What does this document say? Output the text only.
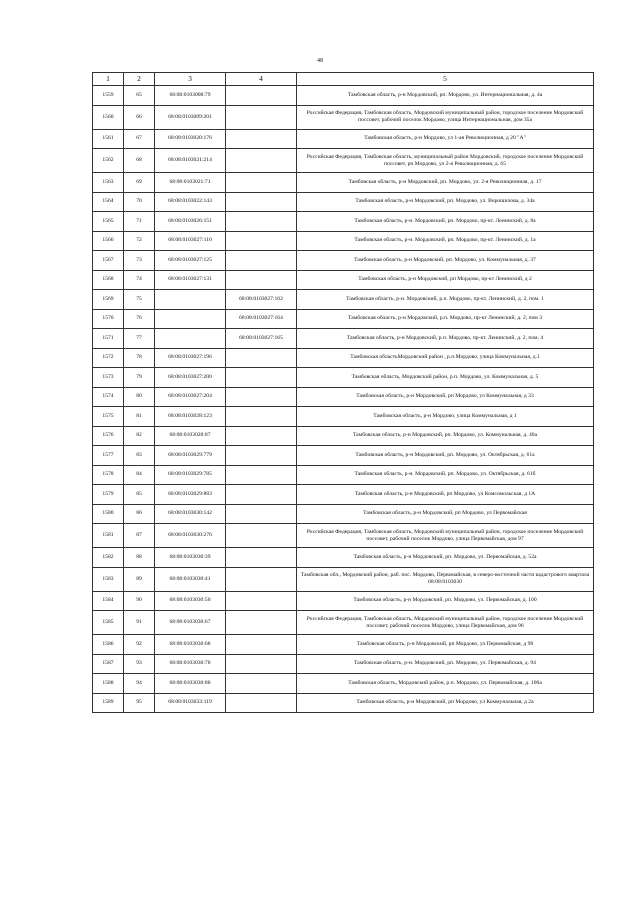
48
1	2	3	4	5
1559	65	68:08:0103008:79		Тамбовская область, р-н Мордовский, рп. Мордово, ул. Интернациональная, д. 4а
1560	66	68:08:0103009:201		Российская Федерация, Тамбовская область, Мордовский муниципальный район, городское поселение Мордовский поссовет, рабочий поселок Мордово, улица Интернациональная, дом 35а
1561	67	68:08:0103020:176		Тамбовская область, р-н Мордово, ул 1-ая Революционная, д 20 "А"
1562	68	68:08:0103021:214		Российская Федерация, Тамбовская область, муниципальный район Мордовский, городское поселение Мордовский поссовет, рп Мордово, ул 2-я Революционная, д. 65
1563	69	68:08:0103021:71		Тамбовская область, р-н Мордовский, рп. Мордово, ул. 2-я Революционная, д. 17
1564	70	68:08:0103022:143		Тамбовская область, р-н Мордовский, рп. Мордово, ул. Ворошилова, д. 34а
1565	71	68:08:0103026:151		Тамбовская область, р-н. Мордовский, рп. Мордово, пр-кт. Ленинский, д. 8а
1566	72	68:08:0103027:110		Тамбовская область, р-н. Мордовский, рп. Мордово, пр-кт. Ленинский, д. 1а
1567	73	68:08:0103027:125		Тамбовская область, р-н Мордовский, рп. Мордово, ул. Коммунальная, д. 37
1568	74	68:08:0103027:131		Тамбовская область, р-н Мордовский, рп Мордово, пр-кт Ленинский, д 2
1569	75		68:08:0103027:162	Тамбовская область, р-н. Мордовский, р.п. Мордово, пр-кт. Ленинский, д. 2, пом. 1
1570	76		68:08:0103027:164	Тамбовская область, р-н Мордовский, р.п. Мордово, пр-кт Ленинский, д. 2, пом 3
1571	77		68:08:0103027:165	Тамбовская область, р-н Мордовский, р.п. Мордово, пр-кт. Ленинский, д. 2, пом. 4
1572	78	68:08:0103027:196		Тамбовская областьМордовский район , р.п.Мордово, улица Коммунальная, д.1
1573	79	68:08:0103027:200		Тамбовская область, Мордовский район, р.п. Мордово, ул. Коммунальная, д. 5
1574	80	68:08:0103027:204		Тамбовская область, р-н Мордовский, рп Мордово, ул Коммунальная, д 33
1575	81	68:08:0103028:123		Тамбовская область, р-н Мордово, улица Коммунальная, д 1
1576	82	68:08:0103028:87		Тамбовская область, р-н Мордовский, рп. Мордово, ул. Коммунальная, д. 40а
1577	83	68:08:0103029:779		Тамбовская область, р-н Мордовский, рп. Мордово, ул. Октябрьская, д. 61а
1578	84	68:08:0103029:785		Тамбовская область, р-н. Мордовский, рп. Мордово, ул. Октябрьская, д. 61б
1579	85	68:08:0103029:883		Тамбовская область, р-н Мордовский, рп Мордово, ул Комсомольская, д 1А
1580	86	68:08:0103030:142		Тамбовская область, р-н Мордовский, рп Мордово, ул Первомайская
1581	87	68:08:0103030:276		Российская Федерация, Тамбовская область, Мордовский муниципальный район, городское поселение Мордовский поссовет, рабочий поселок Мордово, улица Первомайская, дом 97
1582	88	68:08:0103030:39		Тамбовская область, р-н Мордовский, рп. Мордово, ул. Первомайская, д. 52а
1583	89	68:08:0103030:41		Тамбовская обл., Мордовский район, раб. пос. Мордово, Первомайская, в северо-восточной части кадастрового квартала 68:08:0103030
1584	90	68:08:0103030:50		Тамбовская область, р-н Мордовский, рп. Мордово, ул. Первомайская, д. 100
1585	91	68:08:0103030:67		Российская Федерация, Тамбовская область, Мордовский муниципальный район, городское поселение Мордовский поссовет, рабочий поселок Мордово, улица Первомайская, дом 96
1586	92	68:08:0103030:68		Тамбовская область, р-н Мордовский, рп Мордово, ул Первомайская, д 98
1587	93	68:08:0103030:78		Тамбовская область, р-н. Мордовский, рп. Мордово, ул. Первомайская, д. 94
1588	94	68:08:0103030:88		Тамбовская область, Мордовский район, р.п. Мордово, ул. Первомайская, д. 100а
1589	95	68:08:0103033:119		Тамбовская область, р-н Мордовский, рп Мордово, ул Коммунальная, д 2а
